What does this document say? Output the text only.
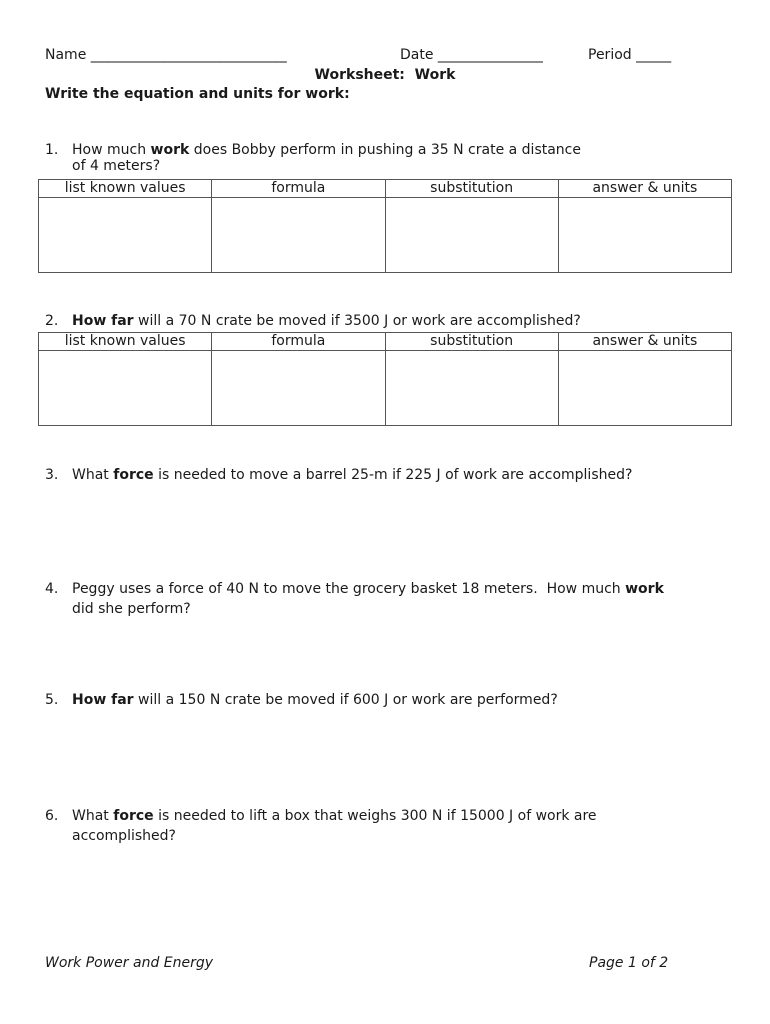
Name ____________________________	Date _______________	Period _____
Worksheet:  Work
Write the equation and units for work:
1. How much work does Bobby perform in pushing a 35 N crate a distance
of 4 meters?
list known values	formula	substitution	answer & units

2. How far will a 70 N crate be moved if 3500 J or work are accomplished?
list known values	formula	substitution	answer & units

3. What force is needed to move a barrel 25-m if 225 J of work are accomplished?
4. Peggy uses a force of 40 N to move the grocery basket 18 meters.  How much work
did she perform?
5. How far will a 150 N crate be moved if 600 J or work are performed?
6. What force is needed to lift a box that weighs 300 N if 15000 J of work are
accomplished?
Work Power and Energy	Page 1 of 2
